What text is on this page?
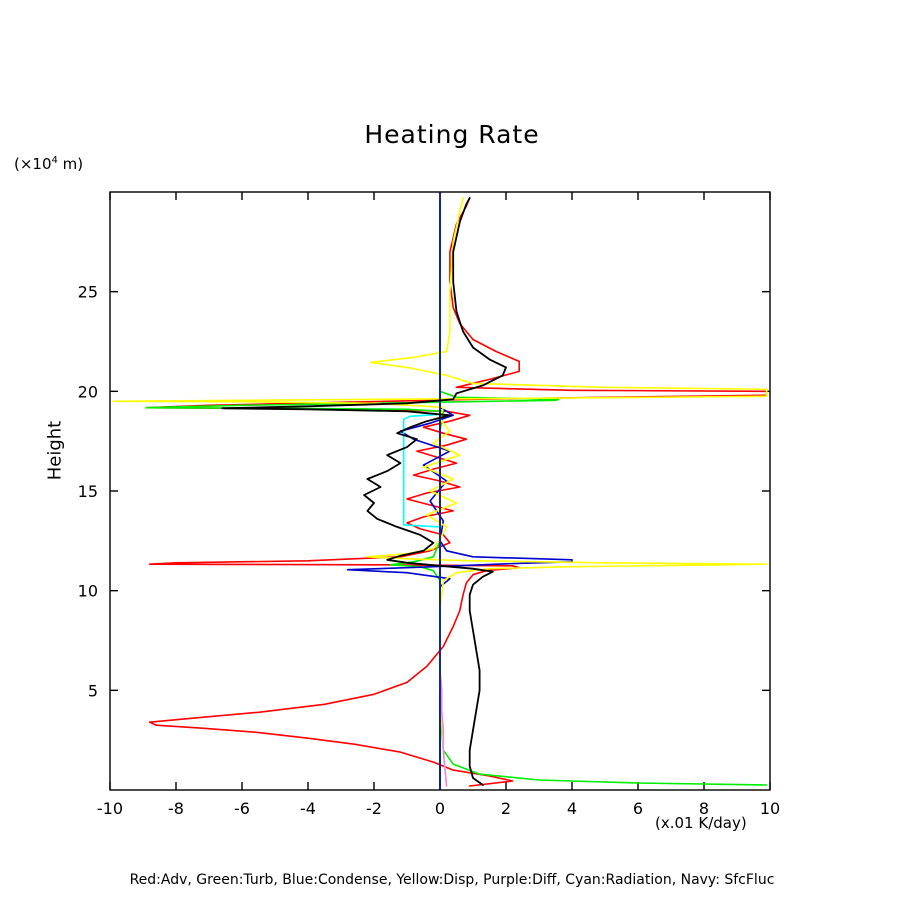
Heating Rate
($\times 10^4$ m)
Height
(x.01 K/day)
-10	-8	-6	-4	-2	0	2	4	6	8	10
5
10
15
20
25
Red:Adv, Green:Turb, Blue:Condense, Yellow:Disp, Purple:Diff, Cyan:Radiation, Navy: SfcFluc
